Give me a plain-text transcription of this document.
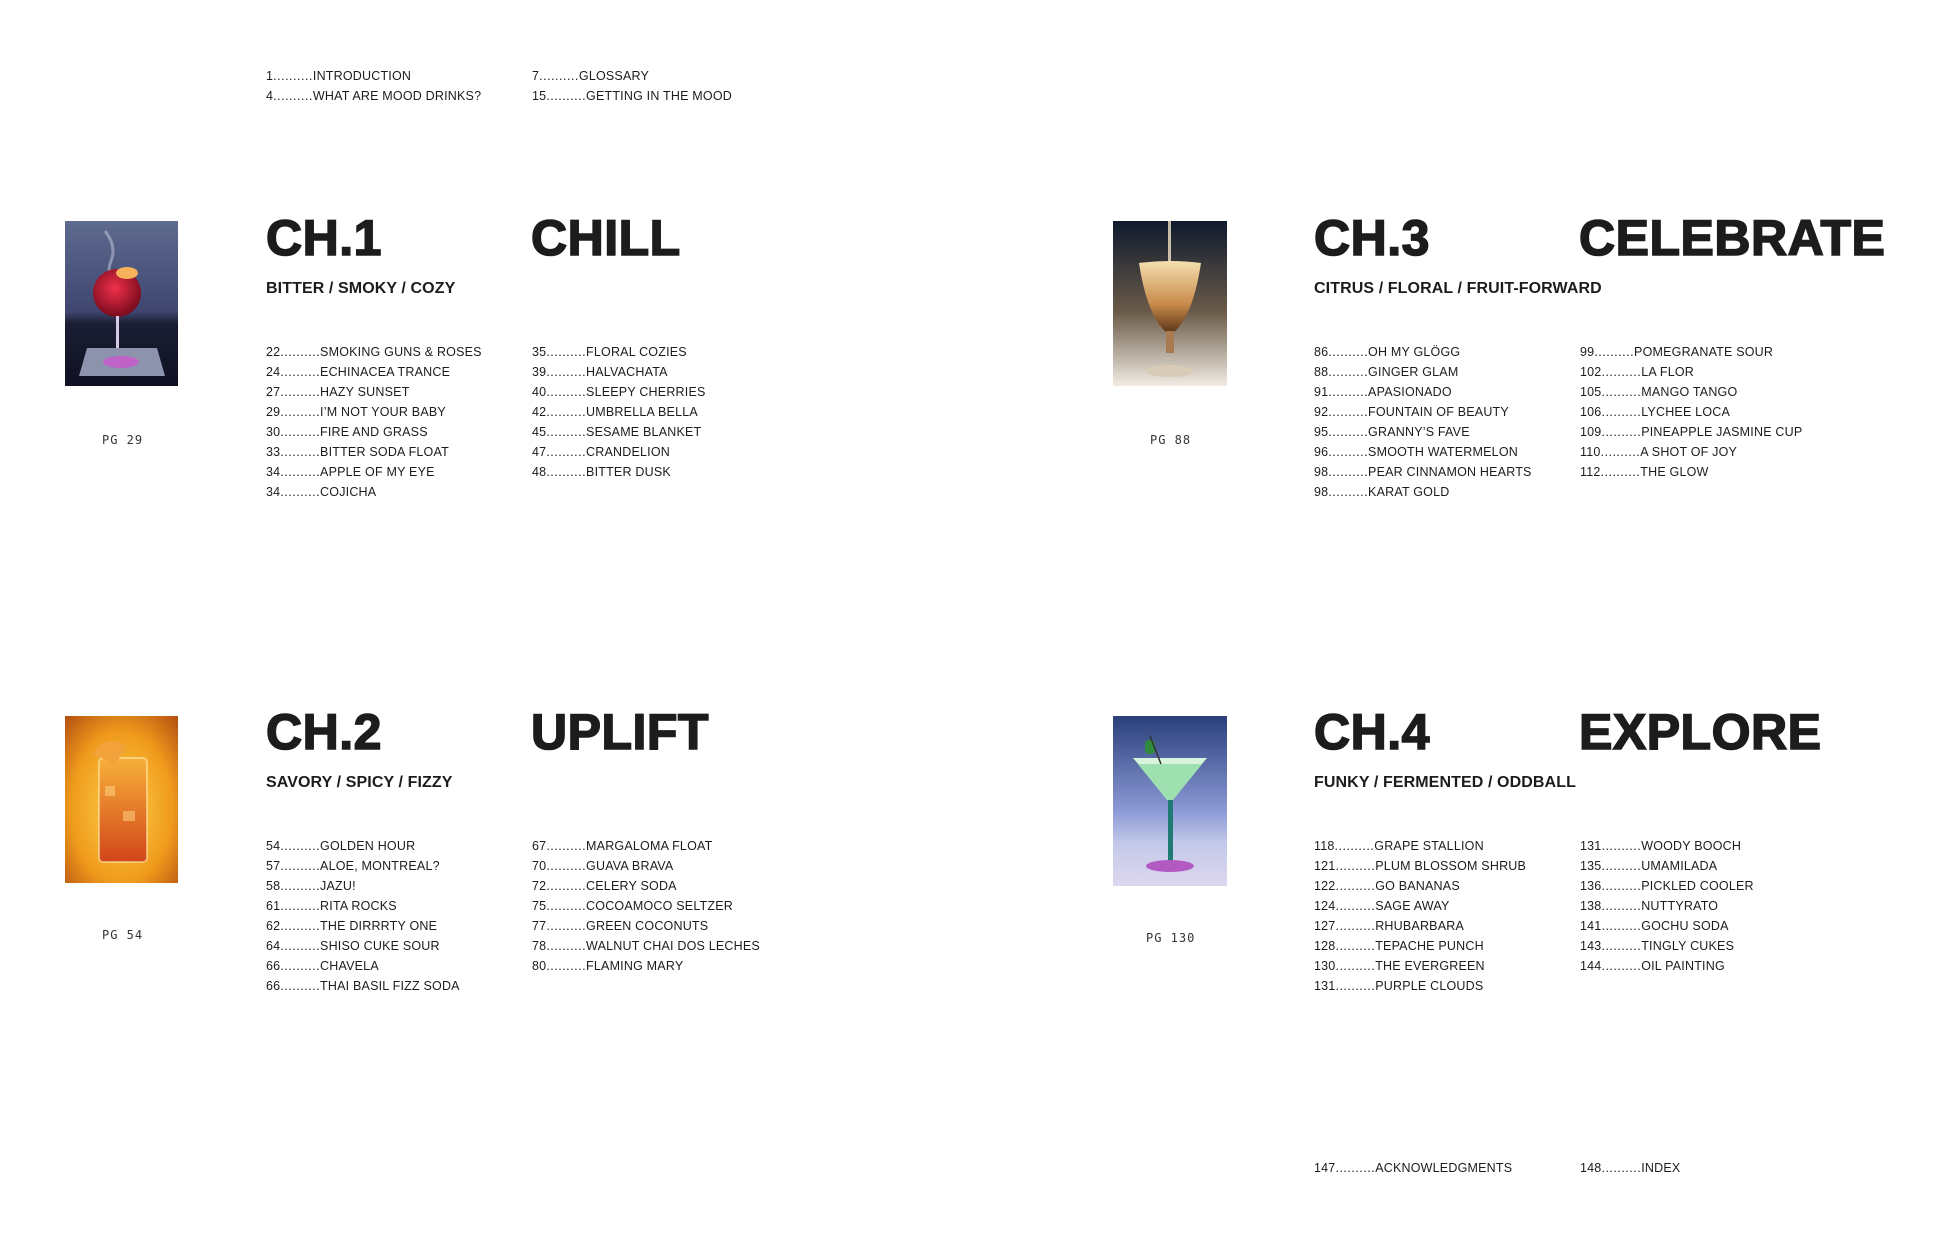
1..........INTRODUCTION
4..........WHAT ARE MOOD DRINKS?
7..........GLOSSARY
15..........GETTING IN THE MOOD
PG 29
CH.1	CHILL
BITTER / SMOKY / COZY
22..........SMOKING GUNS & ROSES
24..........ECHINACEA TRANCE
27..........HAZY SUNSET
29..........I’M NOT YOUR BABY
30..........FIRE AND GRASS
33..........BITTER SODA FLOAT
34..........APPLE OF MY EYE
34..........COJICHA
35..........FLORAL COZIES
39..........HALVACHATA
40..........SLEEPY CHERRIES
42..........UMBRELLA BELLA
45..........SESAME BLANKET
47..........CRANDELION
48..........BITTER DUSK
PG 54
CH.2	UPLIFT
SAVORY / SPICY / FIZZY
54..........GOLDEN HOUR
57..........ALOE, MONTREAL?
58..........JAZU!
61..........RITA ROCKS
62..........THE DIRRRTY ONE
64..........SHISO CUKE SOUR
66..........CHAVELA
66..........THAI BASIL FIZZ SODA
67..........MARGALOMA FLOAT
70..........GUAVA BRAVA
72..........CELERY SODA
75..........COCOAMOCO SELTZER
77..........GREEN COCONUTS
78..........WALNUT CHAI DOS LECHES
80..........FLAMING MARY
PG 88
CH.3	CELEBRATE
CITRUS / FLORAL / FRUIT-FORWARD
86..........OH MY GLÖGG
88..........GINGER GLAM
91..........APASIONADO
92..........FOUNTAIN OF BEAUTY
95..........GRANNY’S FAVE
96..........SMOOTH WATERMELON
98..........PEAR CINNAMON HEARTS
98..........KARAT GOLD
99..........POMEGRANATE SOUR
102..........LA FLOR
105..........MANGO TANGO
106..........LYCHEE LOCA
109..........PINEAPPLE JASMINE CUP
110..........A SHOT OF JOY
112..........THE GLOW
PG 130
CH.4	EXPLORE
FUNKY / FERMENTED / ODDBALL
118..........GRAPE STALLION
121..........PLUM BLOSSOM SHRUB
122..........GO BANANAS
124..........SAGE AWAY
127..........RHUBARBARA
128..........TEPACHE PUNCH
130..........THE EVERGREEN
131..........PURPLE CLOUDS
131..........WOODY BOOCH
135..........UMAMILADA
136..........PICKLED COOLER
138..........NUTTYRATO
141..........GOCHU SODA
143..........TINGLY CUKES
144..........OIL PAINTING
147..........ACKNOWLEDGMENTS	148..........INDEX
